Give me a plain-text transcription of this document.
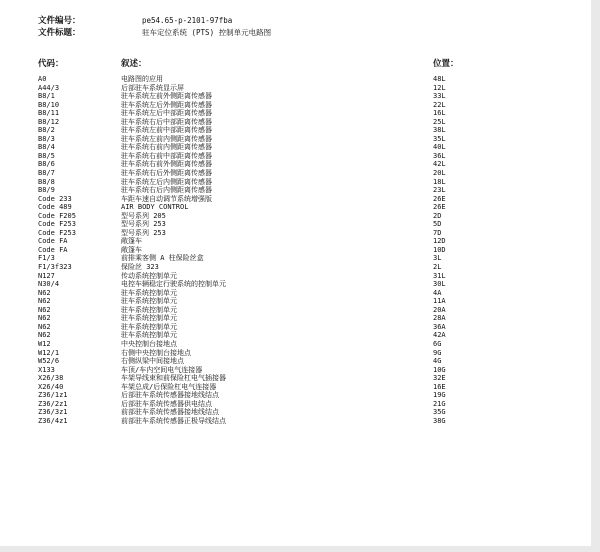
文件编号：	pe54.65-p-2101-97fba
文件标题：	驻车定位系统 (PTS) 控制单元电路图
代码：	叙述：	位置：
A0	电路图的应用	48L
A44/3	后部驻车系统显示屏	12L
B8/1	驻车系统左前外侧距离传感器	33L
B8/10	驻车系统左后外侧距离传感器	22L
B8/11	驻车系统左后中部距离传感器	16L
B8/12	驻车系统右后中部距离传感器	25L
B8/2	驻车系统左前中部距离传感器	38L
B8/3	驻车系统左前内侧距离传感器	35L
B8/4	驻车系统右前内侧距离传感器	40L
B8/5	驻车系统右前中部距离传感器	36L
B8/6	驻车系统右前外侧距离传感器	42L
B8/7	驻车系统右后外侧距离传感器	20L
B8/8	驻车系统左后内侧距离传感器	18L
B8/9	驻车系统右后内侧距离传感器	23L
Code 233	车距车速自动调节系统增强版	26E
Code 489	AIR BODY CONTROL	26E
Code F205	型号系列 205	2D
Code F253	型号系列 253	5D
Code F253	型号系列 253	7D
Code FA	敞篷车	12D
Code FA	敞篷车	10D
F1/3	前排乘客侧 A 柱保险丝盒	3L
F1/3f323	保险丝 323	2L
N127	传动系统控制单元	31L
N30/4	电控车辆稳定行驶系统的控制单元	30L
N62	驻车系统控制单元	4A
N62	驻车系统控制单元	11A
N62	驻车系统控制单元	20A
N62	驻车系统控制单元	28A
N62	驻车系统控制单元	36A
N62	驻车系统控制单元	42A
W12	中央控制台接地点	6G
W12/1	右侧中央控制台接地点	9G
W52/6	右侧纵梁中间接地点	4G
X133	车顶/车内空间电气连接器	10G
X26/38	车架导线束和前保险杠电气插接器	32E
X26/40	车架总成/后保险杠电气连接器	16E
Z36/1z1	后部驻车系统传感器接地线结点	19G
Z36/2z1	后部驻车系统传感器供电结点	21G
Z36/3z1	前部驻车系统传感器接地线结点	35G
Z36/4z1	前部驻车系统传感器正极导线结点	38G
